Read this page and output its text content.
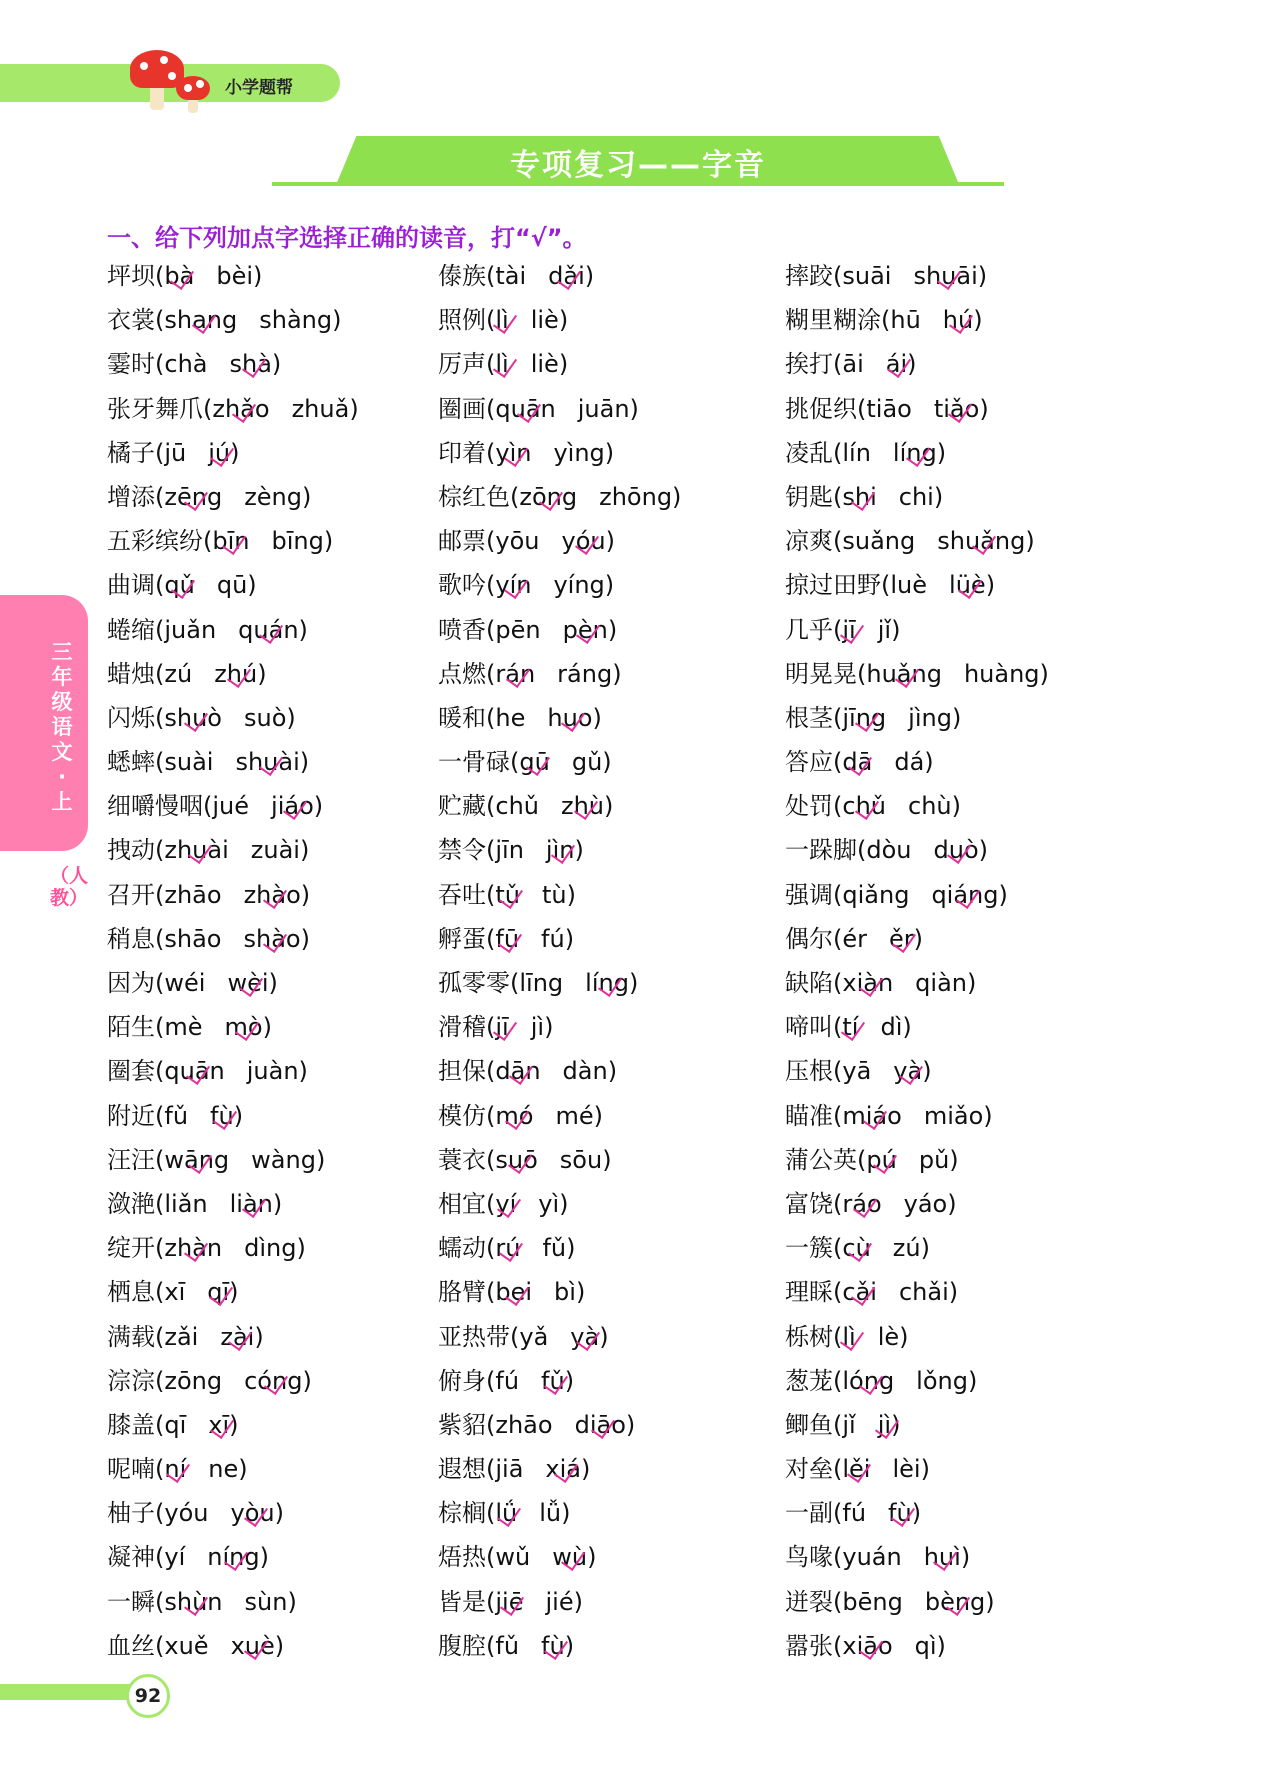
小学题帮
专项复习——字音
一、给下列加点字选择正确的读音，打“√”。
三年级语文·上
（人教）
坪坝(bà bèi)
衣裳(shang shàng)
霎时(chà shà
)
张牙舞爪(zhǎo zhuǎ)
橘子(jū jú
)
增添(zēng zèng)
五彩缤纷(bīn bīng)
曲调(qǔ qū)
蜷缩(juǎn quán
)
蜡烛(zú zhú
)
闪烁(shuò suò)
蟋蟀(suài shuài
)
细嚼慢咽(jué jiáo
)
拽动(zhuài zuài)
召开(zhāo zhào
)
稍息(shāo shào
)
因为(wéi wèi
)
陌生(mè mò
)
圈套(quān juàn)
附近(fǔ fù
)
汪汪(wāng wàng)
潋滟(liǎn liàn
)
绽开(zhàn dìng)
栖息(xī qī
)
满载(zǎi zài
)
淙淙(zōng cóng
)
膝盖(qī xī
)
呢喃(ní ne)
柚子(yóu yòu
)
凝神(yí níng
)
一瞬(shùn sùn)
血丝(xuě xuè
)
傣族(tài dǎi
)
照例(lì liè)
厉声(lì liè)
圈画(quān juān)
印着(yìn yìng)
棕红色(zōng zhōng)
邮票(yōu yóu
)
歌吟(yín yíng)
喷香(pēn pèn
)
点燃(rán ráng)
暖和(he huo
)
一骨碌(gū gǔ)
贮藏(chǔ zhù
)
禁令(jīn jìn
)
吞吐(tǔ tù)
孵蛋(fū fú)
孤零零(līng líng
)
滑稽(jī jì)
担保(dān dàn)
模仿(mó mé)
蓑衣(suō sōu)
相宜(yí yì)
蠕动(rú fǔ)
胳臂(bei bì)
亚热带(yǎ yà
)
俯身(fú fǔ
)
紫貂(zhāo diāo
)
遐想(jiā xiá
)
棕榈(lǘ lǚ)
焐热(wǔ wù
)
皆是(jiē jié)
腹腔(fǔ fù
)
摔跤(suāi shuāi
)
糊里糊涂(hū hú
)
挨打(āi ái
)
挑促织(tiāo tiǎo
)
凌乱(lín líng
)
钥匙(shi chi)
凉爽(suǎng shuǎng
)
掠过田野(luè lüè
)
几乎(jī jǐ)
明晃晃(huǎng huàng)
根茎(jīng jìng)
答应(dā dá)
处罚(chǔ chù)
一跺脚(dòu duò
)
强调(qiǎng qiáng
)
偶尔(ér ěr
)
缺陷(xiàn qiàn)
啼叫(tí dì)
压根(yā yà
)
瞄准(miáo miǎo)
蒲公英(pú pǔ)
富饶(ráo yáo)
一簇(cù zú)
理睬(cǎi chǎi)
栎树(lì lè)
葱茏(lóng lǒng)
鲫鱼(jǐ jì
)
对垒(lěi lèi)
一副(fú fù
)
鸟喙(yuán huì
)
迸裂(bēng bèng
)
嚣张(xiāo qì)
92
